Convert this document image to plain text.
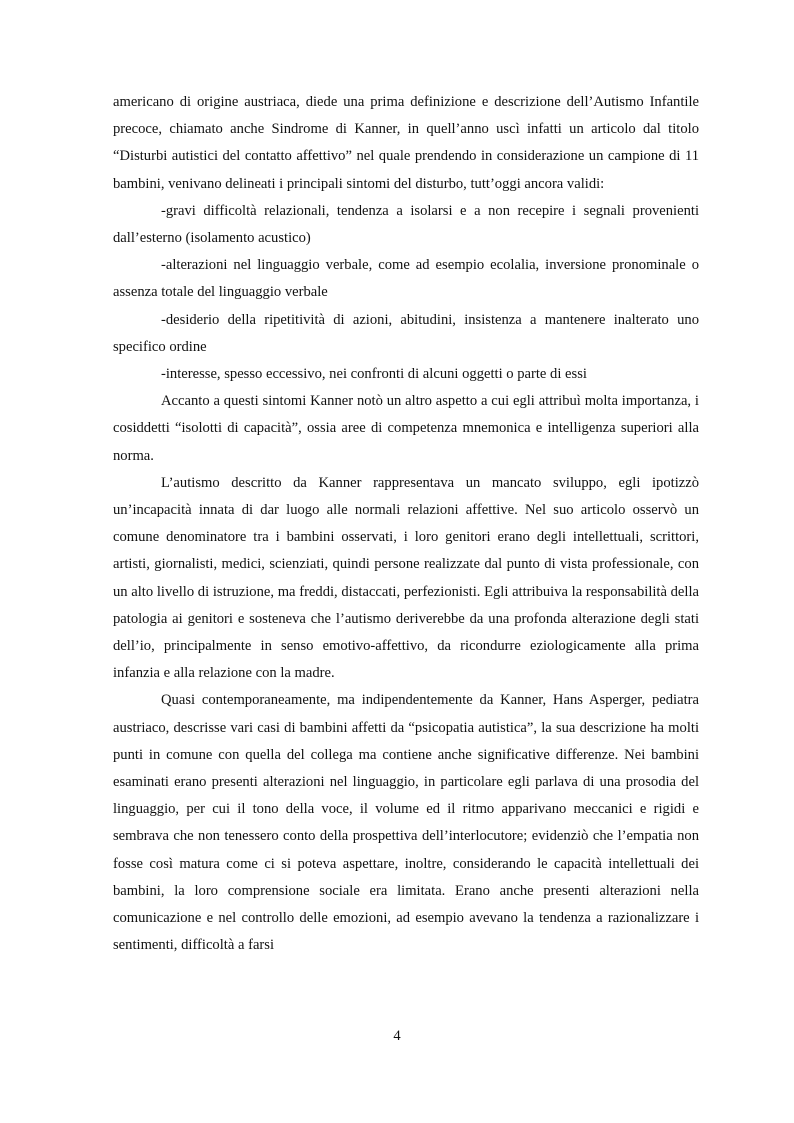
americano di origine austriaca, diede una prima definizione e descrizione dell’Autismo Infantile precoce, chiamato anche Sindrome di Kanner, in quell’anno uscì infatti un articolo dal titolo “Disturbi autistici del contatto affettivo” nel quale prendendo in considerazione un campione di 11 bambini, venivano delineati i principali sintomi del disturbo, tutt’oggi ancora validi:

-gravi difficoltà relazionali, tendenza a isolarsi e a non recepire i segnali provenienti dall’esterno (isolamento acustico)

-alterazioni nel linguaggio verbale, come ad esempio ecolalia, inversione pronominale o assenza totale del linguaggio verbale

-desiderio della ripetitività di azioni, abitudini, insistenza a mantenere inalterato uno specifico ordine

-interesse, spesso eccessivo, nei confronti di alcuni oggetti o parte di essi

Accanto a questi sintomi Kanner notò un altro aspetto a cui egli attribuì molta importanza, i cosiddetti “isolotti di capacità”, ossia aree di competenza mnemonica e intelligenza superiori alla norma.

L’autismo descritto da Kanner rappresentava un mancato sviluppo, egli ipotizzò un’incapacità innata di dar luogo alle normali relazioni affettive. Nel suo articolo osservò un comune denominatore tra i bambini osservati, i loro genitori erano degli intellettuali, scrittori, artisti, giornalisti, medici, scienziati, quindi persone realizzate dal punto di vista professionale, con un alto livello di istruzione, ma freddi, distaccati, perfezionisti. Egli attribuiva la responsabilità della patologia ai genitori e sosteneva che l’autismo deriverebbe da una profonda alterazione degli stati dell’io, principalmente in senso emotivo-affettivo, da ricondurre eziologicamente alla prima infanzia e alla relazione con la madre.

Quasi contemporaneamente, ma indipendentemente da Kanner, Hans Asperger, pediatra austriaco, descrisse vari casi di bambini affetti da “psicopatia autistica”, la sua descrizione ha molti punti in comune con quella del collega ma contiene anche significative differenze. Nei bambini esaminati erano presenti alterazioni nel linguaggio, in particolare egli parlava di una prosodia del linguaggio, per cui il tono della voce, il volume ed il ritmo apparivano meccanici e rigidi e sembrava che non tenessero conto della prospettiva dell’interlocutore; evidenziò che l’empatia non fosse così matura come ci si poteva aspettare, inoltre, considerando le capacità intellettuali dei bambini, la loro comprensione sociale era limitata. Erano anche presenti alterazioni nella comunicazione e nel controllo delle emozioni, ad esempio avevano la tendenza a razionalizzare i sentimenti, difficoltà a farsi

4
